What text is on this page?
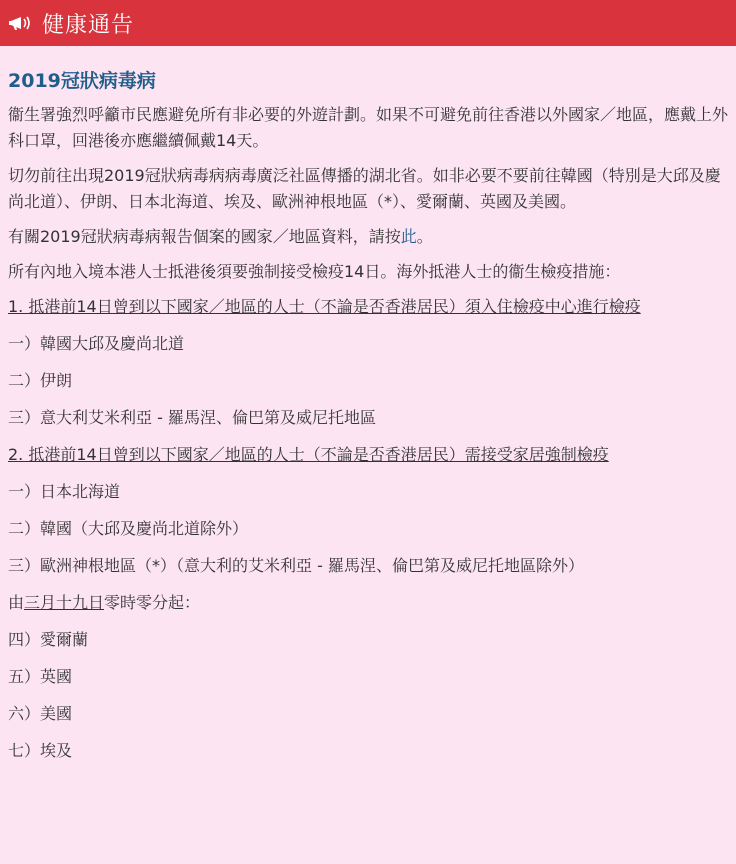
健康通告
2019冠狀病毒病

衞生署強烈呼籲市民應避免所有非必要的外遊計劃。如果不可避免前往香港以外國家／地區，應戴上外科口罩，回港後亦應繼續佩戴14天。

切勿前往出現2019冠狀病毒病病毒廣泛社區傳播的湖北省。如非必要不要前往韓國（特別是大邱及慶尚北道）、伊朗、日本北海道、埃及、歐洲神根地區（*）、愛爾蘭、英國及美國。

有關2019冠狀病毒病報告個案的國家／地區資料，請按此。

所有內地入境本港人士抵港後須要強制接受檢疫14日。海外抵港人士的衞生檢疫措施：

1. 抵港前14日曾到以下國家／地區的人士（不論是否香港居民）須入住檢疫中心進行檢疫

一）韓國大邱及慶尚北道

二）伊朗

三）意大利艾米利亞 - 羅馬涅、倫巴第及威尼托地區

2. 抵港前14日曾到以下國家／地區的人士（不論是否香港居民）需接受家居強制檢疫

一）日本北海道

二）韓國（大邱及慶尚北道除外）

三）歐洲神根地區（*）（意大利的艾米利亞 - 羅馬涅、倫巴第及威尼托地區除外）

由三月十九日零時零分起：

四）愛爾蘭

五）英國

六）美國

七）埃及
